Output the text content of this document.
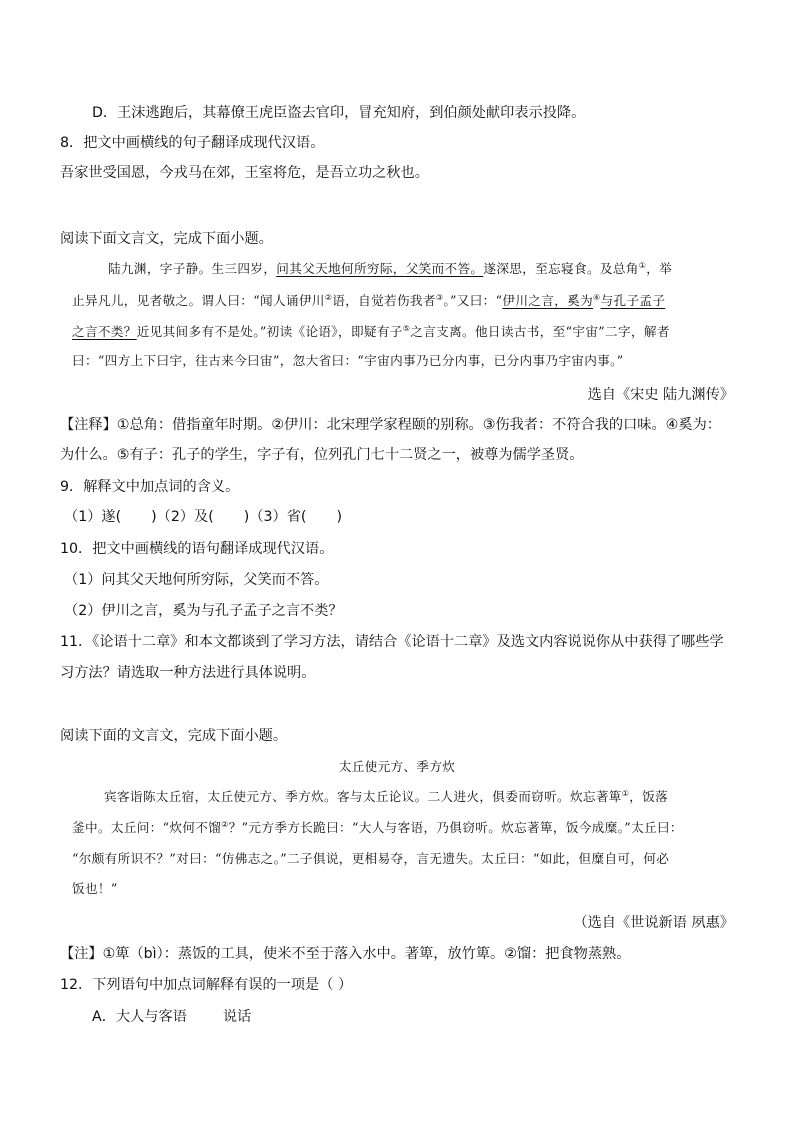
D．王沫逃跑后，其幕僚王虎臣盗去官印，冒充知府，到伯颜处献印表示投降。
8．把文中画横线的句子翻译成现代汉语。
吾家世受国恩，今戎马在郊，王室将危，是吾立功之秋也。
阅读下面文言文，完成下面小题。
陆九渊，字子静。生三四岁，问其父天地何所穷际，父笑而不答。遂深思，至忘寝食。及总角①，举
止异凡儿，见者敬之。谓人曰：“闻人诵伊川②语，自觉若伤我者③。”又曰：“伊川之言，奚为④与孔子孟子
之言不类？近见其间多有不是处。”初读《论语》，即疑有子⑤之言支离。他日读古书，至“宇宙”二字，解者
曰：“四方上下曰宇，往古来今曰宙”，忽大省曰：“宇宙内事乃已分内事，已分内事乃宇宙内事。”
选自《宋史 陆九渊传》
【注释】①总角：借指童年时期。②伊川：北宋理学家程颐的别称。③伤我者：不符合我的口味。④奚为：
为什么。⑤有子：孔子的学生，字子有，位列孔门七十二贤之一，被尊为儒学圣贤。
9．解释文中加点词的含义。
（1）遂( )（2）及( )（3）省( )
10．把文中画横线的语句翻译成现代汉语。
（1）问其父天地何所穷际，父笑而不答。
（2）伊川之言，奚为与孔子孟子之言不类？
11．《论语十二章》和本文都谈到了学习方法，请结合《论语十二章》及选文内容说说你从中获得了哪些学
习方法？请选取一种方法进行具体说明。
阅读下面的文言文，完成下面小题。
太丘使元方、季方炊
宾客诣陈太丘宿，太丘使元方、季方炊。客与太丘论议。二人进火，俱委而窃听。炊忘著箄①，饭落
釜中。太丘问：“炊何不馏②？”元方季方长跪曰：“大人与客语，乃俱窃听。炊忘著箄，饭今成糜。”太丘曰：
“尔颇有所识不？”对曰：“仿佛志之。”二子俱说，更相易夺，言无遗失。太丘曰：“如此，但糜自可，何必
饭也！”
（选自《世说新语 夙惠》
【注】①箄（bì）：蒸饭的工具，使米不至于落入水中。著箄，放竹箄。②馏：把食物蒸熟。
12．下列语句中加点词解释有误的一项是（ ）
A．大人与客语	说话
